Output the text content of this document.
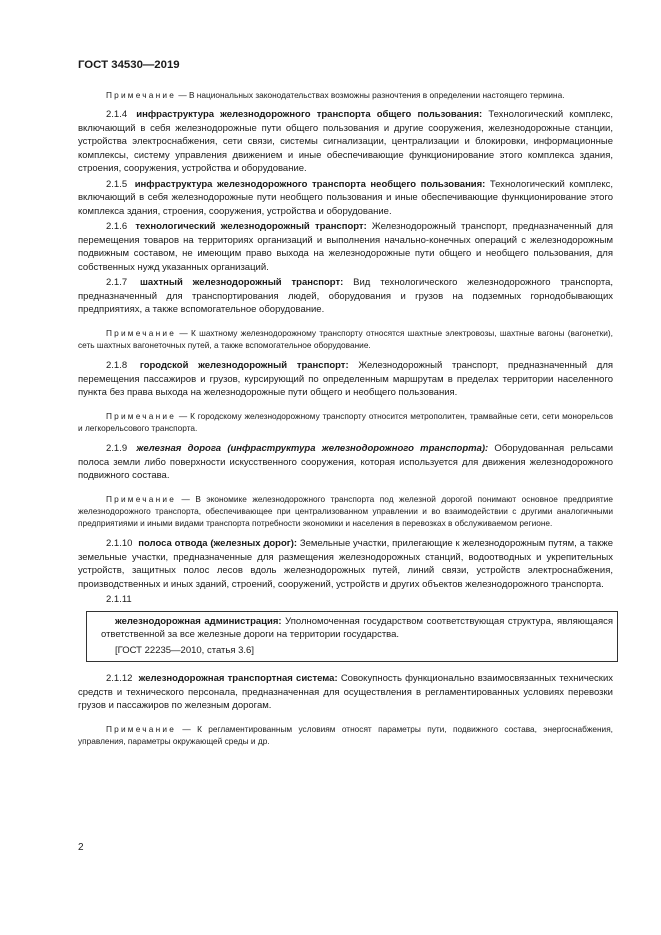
ГОСТ 34530—2019

Примечание — В национальных законодательствах возможны разночтения в определении настоящего термина.

2.1.4 инфраструктура железнодорожного транспорта общего пользования: Технологический комплекс, включающий в себя железнодорожные пути общего пользования и другие сооружения, железнодорожные станции, устройства электроснабжения, сети связи, системы сигнализации, централизации и блокировки, информационные комплексы, систему управления движением и иные обеспечивающие функционирование этого комплекса здания, строения, сооружения, устройства и оборудование.

2.1.5 инфраструктура железнодорожного транспорта необщего пользования: Технологический комплекс, включающий в себя железнодорожные пути необщего пользования и иные обеспечивающие функционирование этого комплекса здания, строения, сооружения, устройства и оборудование.

2.1.6 технологический железнодорожный транспорт: Железнодорожный транспорт, предназначенный для перемещения товаров на территориях организаций и выполнения начально-конечных операций с железнодорожным подвижным составом, не имеющим право выхода на железнодорожные пути общего и необщего пользования, для собственных нужд указанных организаций.

2.1.7 шахтный железнодорожный транспорт: Вид технологического железнодорожного транспорта, предназначенный для транспортирования людей, оборудования и грузов на подземных горнодобывающих предприятиях, а также вспомогательное оборудование.

Примечание — К шахтному железнодорожному транспорту относятся шахтные электровозы, шахтные вагоны (вагонетки), сеть шахтных вагонеточных путей, а также вспомогательное оборудование.

2.1.8 городской железнодорожный транспорт: Железнодорожный транспорт, предназначенный для перемещения пассажиров и грузов, курсирующий по определенным маршрутам в пределах территории населенного пункта без права выхода на железнодорожные пути общего и необщего пользования.

Примечание — К городскому железнодорожному транспорту относится метрополитен, трамвайные сети, сети монорельсов и легкорельсового транспорта.

2.1.9 железная дорога (инфраструктура железнодорожного транспорта): Оборудованная рельсами полоса земли либо поверхности искусственного сооружения, которая используется для движения железнодорожного подвижного состава.

Примечание — В экономике железнодорожного транспорта под железной дорогой понимают основное предприятие железнодорожного транспорта, обеспечивающее при централизованном управлении и во взаимодействии с другими аналогичными предприятиями и иными видами транспорта потребности экономики и населения в перевозках в обслуживаемом регионе.

2.1.10 полоса отвода (железных дорог): Земельные участки, прилегающие к железнодорожным путям, а также земельные участки, предназначенные для размещения железнодорожных станций, водоотводных и укрепительных устройств, защитных полос лесов вдоль железнодорожных путей, линий связи, устройств электроснабжения, производственных и иных зданий, строений, сооружений, устройств и других объектов железнодорожного транспорта.

2.1.11

железнодорожная администрация: Уполномоченная государством соответствующая структура, являющаяся ответственной за все железные дороги на территории государства.

[ГОСТ 22235—2010, статья 3.6]

2.1.12 железнодорожная транспортная система: Совокупность функционально взаимосвязанных технических средств и технического персонала, предназначенная для осуществления в регламентированных условиях перевозки грузов и пассажиров по железным дорогам.

Примечание — К регламентированным условиям относят параметры пути, подвижного состава, энергоснабжения, управления, параметры окружающей среды и др.

2
